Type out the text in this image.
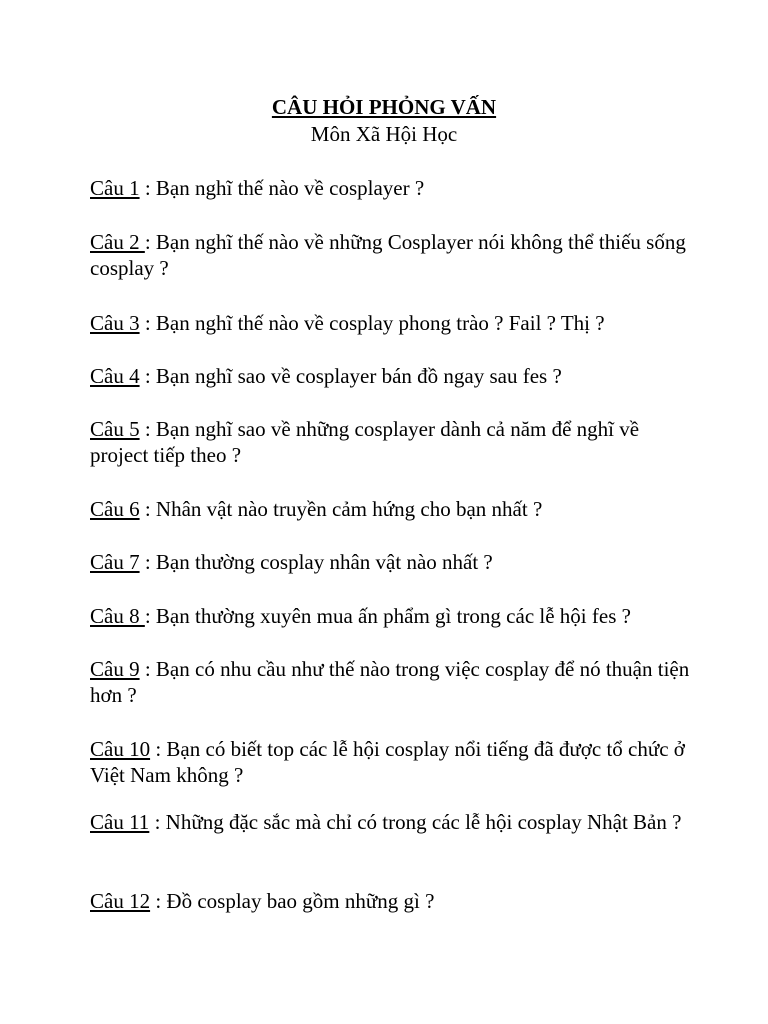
CÂU HỎI PHỎNG VẤN
Môn Xã Hội Học
Câu 1 : Bạn nghĩ thế nào về cosplayer ?
Câu 2 : Bạn nghĩ thế nào về những Cosplayer nói không thể thiếu sống cosplay ?
Câu 3 : Bạn nghĩ thế nào về cosplay phong trào ? Fail ? Thị ?
Câu 4 : Bạn nghĩ sao về cosplayer bán đồ ngay sau fes ?
Câu 5 : Bạn nghĩ sao về những cosplayer dành cả năm để nghĩ về project tiếp theo ?
Câu 6 : Nhân vật nào truyền cảm hứng cho bạn nhất ?
Câu 7 : Bạn thường cosplay nhân vật nào nhất ?
Câu 8 : Bạn thường xuyên mua ấn phẩm gì trong các lễ hội fes ?
Câu 9 : Bạn có nhu cầu như thế nào trong việc cosplay để nó thuận tiện hơn ?
Câu 10 : Bạn có biết top các lễ hội cosplay nổi tiếng đã được tổ chức ở Việt Nam không ?
Câu 11 : Những đặc sắc mà chỉ có trong các lễ hội cosplay Nhật Bản ?
Câu 12 : Đồ cosplay bao gồm những gì ?
